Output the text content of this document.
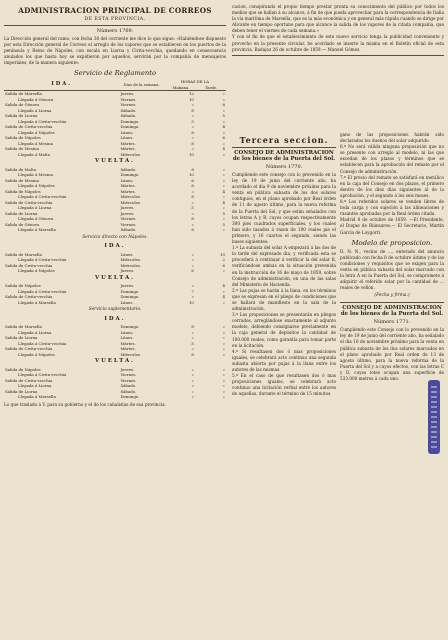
ADMINISTRACION PRINCIPAL DE CORREOS
DE ESTA PROVINCIA.
Número 1769.

La Dirección general del ramo, con fecha 30 del corriente me dice lo que sigue: «Habiéndose dispuesto por esta Dirección general de Correos el arreglo de los vapores que se establecen en los puertos de la península y Reino de Nápoles, con escala en Liorna y Civita-vecchia, quedando en consecuencia anulados los que hasta hoy se expidieron por aquellos, servirán por la compañía de mensajeros imperiales, de la manera siguiente:

Servicio de Reglamento
IDA.	Dias de la semana.	HORAS DE LA
Mañana. Tarde.	

Salida de Marsella	Jueves.	12	»
Llegada á Génova	Viernes.	10	»
Salida de Génova	Viernes.	»	8
Llegada á Liorna	Sábado.	8	»
Salida de Liorna	Sábado.	»	5
Llegada á Civita-vecchia	Domingo.	5	»
Salida de Civita-vecchia	Domingo.	»	4
Llegada á Nápoles	Lúnes.	8	»
Salida de Nápoles	Lúnes.	»	6
Llegada á Mesina	Mártes.	8	»
Salida de Mesina	Mártes.	»	4
Llegada á Malta	Miércoles.	10	»
VUELTA.			
Salida de Malta	Sábado.	8	»
Llegada á Mesina	Domingo.	10	»
Salida de Mesina	Lúnes.	6	»
Llegada á Nápoles	Mártes.	8	»
Salida de Nápoles	Mártes.	»	4
Llegada á Civita-vecchia	Miércoles.	8	»
Salida de Civita-vecchia	Miércoles.	»	4
Llegada á Liorna	Jueves.	5	»
Salida de Liorna	Jueves.	»	5
Llegada á Génova	Viernes.	8	»
Salida de Génova	Viernes.	»	5
Llegada á Marsella	Sábado.	8	»
Servicio directo con Nápoles.			
IDA.			
Salida de Marsella	Lúnes.	»	10
Llegada á Civita-vecchia	Miércoles.	»	2
Salida de Civita-vecchia	Miércoles.	»	6
Llegada á Nápoles	Jueves.	6	»
VUELTA.			
Salida de Nápoles	Jueves.	»	4
Llegada á Civita-vecchia	Domingo.	7	»
Salida de Civita-vecchia	Domingo.	»	4
Llegada á Marsella	Lúnes.	10	»
Servicio suplementario.			
IDA.			
Salida de Marsella	Domingo.	8	»
Llegada á Liorna	Lúnes.	»	»
Salida de Liorna	Lúnes.	»	»
Llegada á Civita-vecchia	Mártes.	5	»
Salida de Civita-vecchia	Mártes.	»	»
Llegada á Nápoles	Miércoles.	8	»
VUELTA.			
Salida de Nápoles	Jueves.	»	»
Llegada á Civita-vecchia	Viernes.	»	»
Salida de Civita-vecchia	Viernes.	»	»
Llegada á Liorna	Sábado.	»	»
Salida de Liorna	Sábado.	»	»
Llegada á Marsella	Domingo.	»	»

Lo que traslado á V. para su gobierno y el de los cabalistas de esa provincia.

cacion, conspirando el propio tiempo prestar pronta su conocimiento del público por todos los medios que se hallan á su alcance, á fin de que pueda aprovechar para la correspondencia de Italia la vía marítima de Marsella, que es la más económica y en general más rápida cuando se dirige por Alicante en tiempo oportuno para que alcance la salida de los vapores de la citada compañía, que deben tener el viernes de cada semana.»

Y con el fin de que el establecimiento de este nuevo servicio tenga la publicidad conveniente y provecho en la presente circular, he acordado se inserte la misma en el Boletín oficial de esta provincia. Badajoz 26 de octubre de 1859.— Manuel Gómez.

Tercera seccion.
CONSEJO DE ADMINISTRACION de los bienes de la Puerta del Sol.
Número 1770.

Cumpliendo este consejo con lo prevenido en la ley de 19 de junio del corriente año, ha acordado el dia 9 de noviembre próximo para la venta en pública subasta de los dos solares contiguos, en el plano aprobado por Real órden de 11 de agosto último, para la nueva reforma de la Puerta del Sol, y que están señalados con los letras A y B, cuyos ocupan respectivamente 300 pies cuadrados superficiales, y los cuales han sido tasados á razon de 100 reales pie el primero, y 16 cuartos el segundo, siendo las bases siguientes:

1.ª La subasta del solar A empezará á las dos de la tarde del expresado dia, y verificada esta se procederá á continuar á verificar la del solar B, verificándose ambas en la situación prevenida en la instrucción de 16 de mayo de 1859, sobre Consejo de administración, en una de las salas del Ministerio de Hacienda.

2.ª Las pujas se harán á la llana, en los términos que se expresan en el pliego de condiciones que se hallará de manifiesto en la sala de la administración.

3.ª Las proposiciones se presentarán en pliegos cerrados, arreglándose exactamente al adjunto modelo, debiendo consignarse previamente en la caja general de depósitos la cantidad de 100.000 reales, como garantía para tomar parte en la licitación.

4.ª Si resultasen dos ó mas proposiciones iguales, se celebrará acto continuo una segunda subasta abierta por pujas á la llana entre los autores de las mismas.

5.ª En el caso de que resultasen dos ó mas proposiciones iguales, se celebrará acto continuo una licitación verbal entre los autores de aquellas, durante el término de 15 minutos.

gano de las proposiciones habrán sido declarados los dueños del solar adquirido.

6.ª No será válida ninguna proposición que no se presente con arreglo al modelo, ni las que excedan de los plazos y términos que se establecen para la aprobación del remate por el Consejo de administración.

7.ª El precio del remate se satisfará en metálico en la caja del Consejo en dos plazos, el primero dentro de los diez dias siguientes al de la aprobación, y el segundo á los seis meses.

8.ª Los referidos solares se venden libres de toda carga y con sujeción á las alineaciones y rasantes aprobadas por la Real órden citada.

Madrid 8 de octubre de 1859. —El Presidente, el Duque de Riánsares.— El Secretario, Martín García de Loygorri.

Modelo de proposicion.

D. N. N., vecino de ..., enterado del anuncio publicado con fecha 8 de octubre último y de las condiciones y requisitos que se exigen para la venta en pública subasta del solar marcado con la letra A en la Puerta del Sol, se compromete á adquirir el referido solar por la cantidad de ... reales de vellón.

(Fecha y firma.)
CONSEJO DE ADMINISTRACION de los bienes de la Puerta del Sol.
Número 1771.

Cumpliendo este Consejo con lo prevenido en la ley de 19 de junio del corriente año, ha señalado el dia 10 de noviembre próximo para la venta en pública subasta de los dos solares marcados en el plano aprobado por Real orden de 13 de agosto último, para la nueva reforma de la Puerta del Sol y a cuyos efectos, con las letras C y D, cuyos lotes ocupan una superficie de 533.000 metros á cada uno.
